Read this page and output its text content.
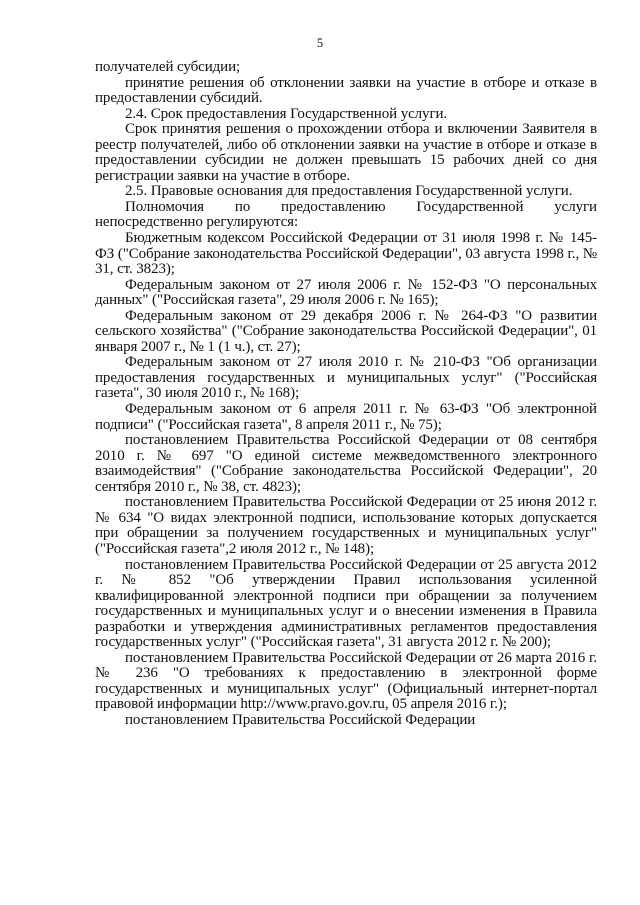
5

получателей субсидии;

принятие решения об отклонении заявки на участие в отборе и отказе в предоставлении субсидий.

2.4. Срок предоставления Государственной услуги.

Срок принятия решения о прохождении отбора и включении Заявителя в реестр получателей, либо об отклонении заявки на участие в отборе и отказе в предоставлении субсидии не должен превышать 15 рабочих дней со дня регистрации заявки на участие в отборе.

2.5. Правовые основания для предоставления Государственной услуги.

Полномочия по предоставлению Государственной услуги непосредственно регулируются:

Бюджетным кодексом Российской Федерации от 31 июля 1998 г. № 145-ФЗ ("Собрание законодательства Российской Федерации", 03 августа 1998 г., № 31, ст. 3823);

Федеральным законом от 27 июля 2006 г. № 152-ФЗ "О персональных данных" ("Российская газета", 29 июля 2006 г. № 165);

Федеральным законом от 29 декабря 2006 г. № 264-ФЗ "О развитии сельского хозяйства" ("Собрание законодательства Российской Федерации", 01 января 2007 г., № 1 (1 ч.), ст. 27);

Федеральным законом от 27 июля 2010 г. № 210-ФЗ "Об организации предоставления государственных и муниципальных услуг" ("Российская газета", 30 июля 2010 г., № 168);

Федеральным законом от 6 апреля 2011 г. № 63-ФЗ "Об электронной подписи" ("Российская газета", 8 апреля 2011 г., № 75);

постановлением Правительства Российской Федерации от 08 сентября 2010 г. № 697 "О единой системе межведомственного электронного взаимодействия" ("Собрание законодательства Российской Федерации", 20 сентября 2010 г., № 38, ст. 4823);

постановлением Правительства Российской Федерации от 25 июня 2012 г. № 634 "О видах электронной подписи, использование которых допускается при обращении за получением государственных и муниципальных услуг" ("Российская газета",2 июля 2012 г., № 148);

постановлением Правительства Российской Федерации от 25 августа 2012 г. № 852 "Об утверждении Правил использования усиленной квалифицированной электронной подписи при обращении за получением государственных и муниципальных услуг и о внесении изменения в Правила разработки и утверждения административных регламентов предоставления государственных услуг" ("Российская газета", 31 августа 2012 г. № 200);

постановлением Правительства Российской Федерации от 26 марта 2016 г. № 236 "О требованиях к предоставлению в электронной форме государственных и муниципальных услуг" (Официальный интернет-портал правовой информации http://www.pravo.gov.ru, 05 апреля 2016 г.);

постановлением Правительства Российской Федерации
